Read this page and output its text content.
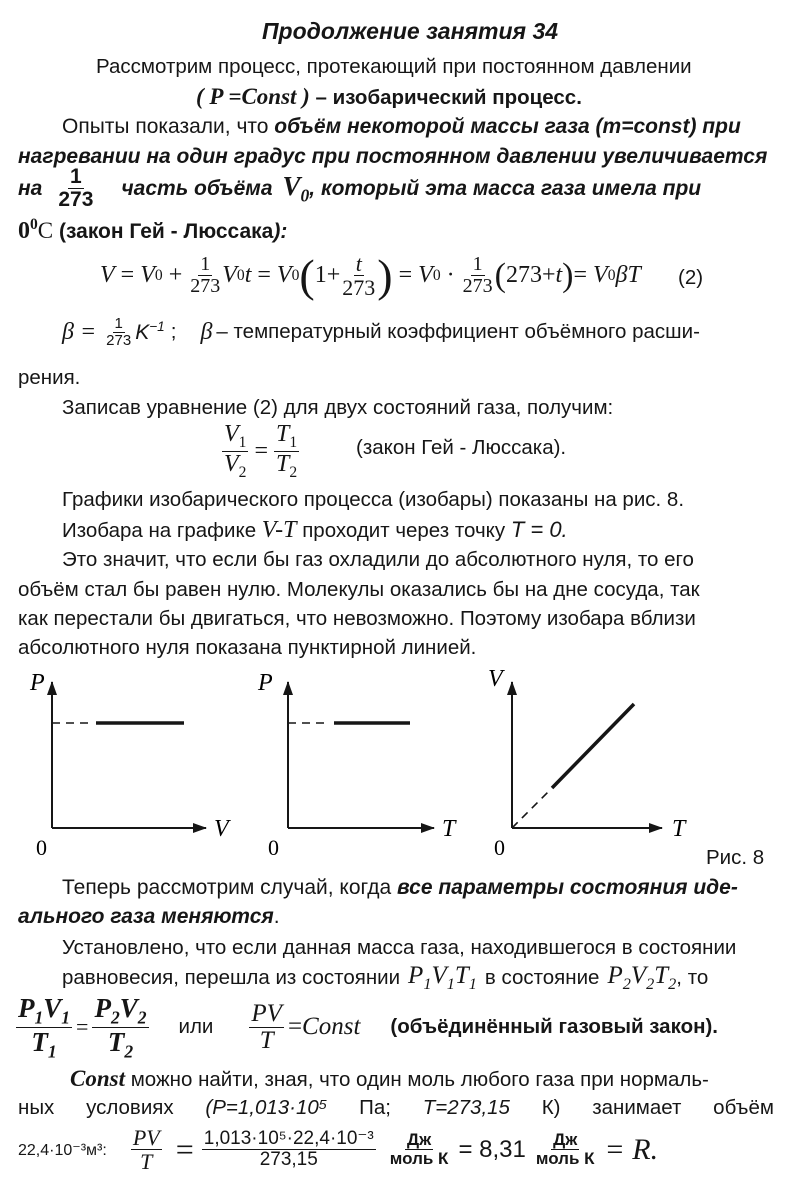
Продолжение занятия 34
Рассмотрим процесс, протекающий при постоянном давлении
( P =Const ) – изобарический процесс.
Опыты показали, что объём некоторой массы газа (m=const) при
нагревании на один градус при постоянном давлении увеличивается
на $\frac{1}{273}$ часть объёма $V_0$ , который эта масса газа имела при
$0^0С$ (закон Гей - Люссака):
V = V $0 + \frac{1}{273}$ V 0 t = V 0 ( $1+ \frac{t}{273}$ ) = V $0 \cdot \frac{1}{273}$ ( 273+ t ) = V 0 βT (2)
$\beta = \frac{1}{273} K^{-1}$ ; β – температурный коэффициент объёмного расши-
рения.
Записав уравнение (2) для двух состояний газа, получим:
$\frac{V_1}{V_2} = \frac{T_1}{T_2}$	(закон Гей - Люссака).
Графики изобарического процесса (изобары) показаны на рис. 8.
Изобара на графике V-T проходит через точку T = 0.
Это значит, что если бы газ охладили до абсолютного нуля, то его
объём стал бы равен нулю. Молекулы оказались бы на дне сосуда, так
как перестали бы двигаться, что невозможно. Поэтому изобара вблизи
абсолютного нуля показана пунктирной линией.
P
V
0
P
T
0
V
T
0	Рис. 8
Теперь рассмотрим случай, когда все параметры состояния иде-
ального газа меняются.
Установлено, что если данная масса газа, находившегося в состоянии
равновесия, перешла из состоянии $P_1V_1T_1$ в состояние $P_2V_2T_2$ , то
$\frac{P_1V_1}{T_1} = \frac{P_2V_2}{T_2}$ или $\frac{PV}{T}$ =Const (объёдинённый газовый закон).
Const можно найти, зная, что один моль любого газа при нормаль-
ных условиях (P=1,013·10⁵ Па; T=273,15 К) занимает объём
22,4·10⁻³м³: $\frac{PV}{T} = \frac{\text{1,013·10⁵·22,4·10⁻³}}{273,15} \frac{Дж}{\text{моль К}} = 8,31 \frac{Дж}{\text{моль К}} = R$.
